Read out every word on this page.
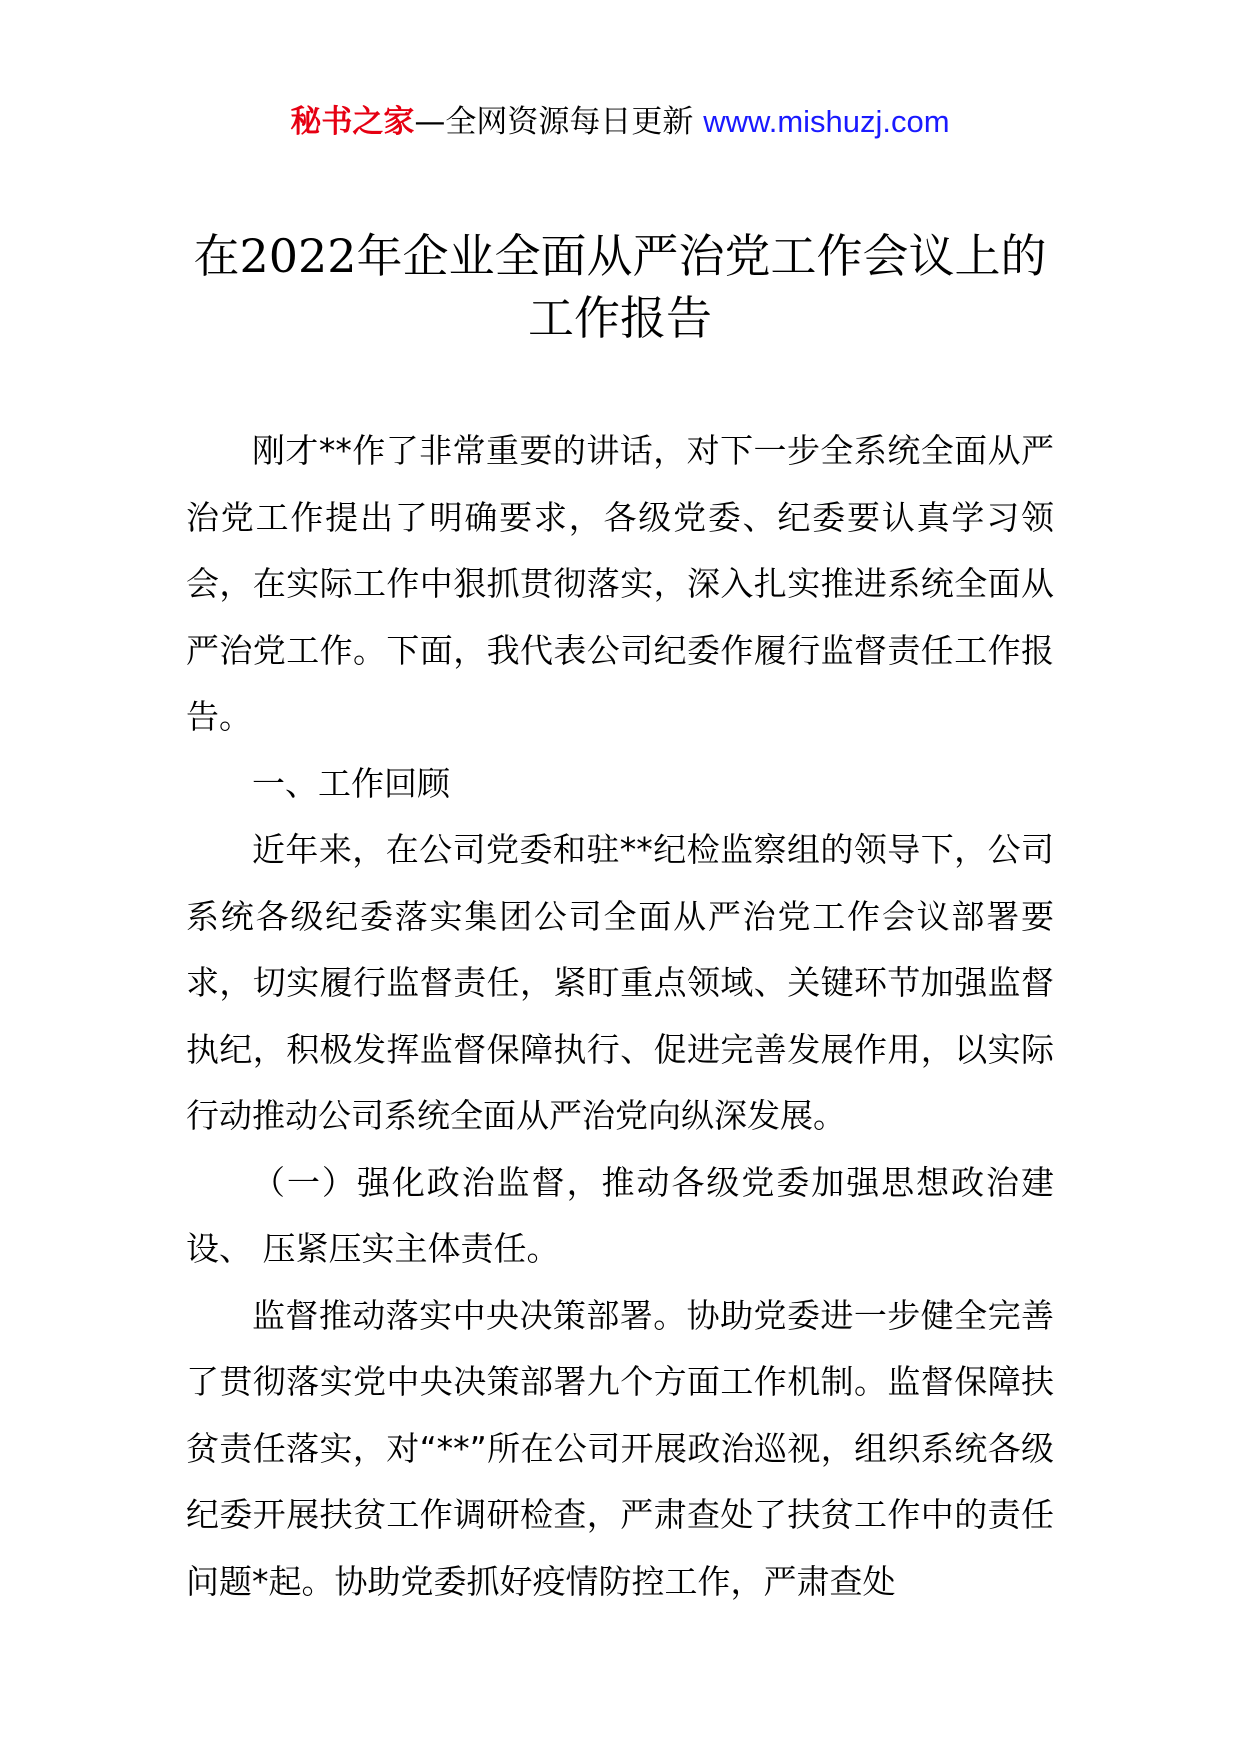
秘书之家—全网资源每日更新 www.mishuzj.com
在2022年企业全面从严治党工作会议上的
工作报告

刚才**作了非常重要的讲话，对下一步全系统全面从严治党工作提出了明确要求，各级党委、纪委要认真学习领会，在实际工作中狠抓贯彻落实，深入扎实推进系统全面从严治党工作。下面，我代表公司纪委作履行监督责任工作报告。

一、工作回顾

近年来，在公司党委和驻**纪检监察组的领导下，公司系统各级纪委落实集团公司全面从严治党工作会议部署要求，切实履行监督责任，紧盯重点领域、关键环节加强监督执纪，积极发挥监督保障执行、促进完善发展作用，以实际行动推动公司系统全面从严治党向纵深发展。

（一）强化政治监督，推动各级党委加强思想政治建设、 压紧压实主体责任。

监督推动落实中央决策部署。协助党委进一步健全完善了贯彻落实党中央决策部署九个方面工作机制。监督保障扶贫责任落实，对“**”所在公司开展政治巡视，组织系统各级纪委开展扶贫工作调研检查，严肃查处了扶贫工作中的责任问题*起。协助党委抓好疫情防控工作，严肃查处
